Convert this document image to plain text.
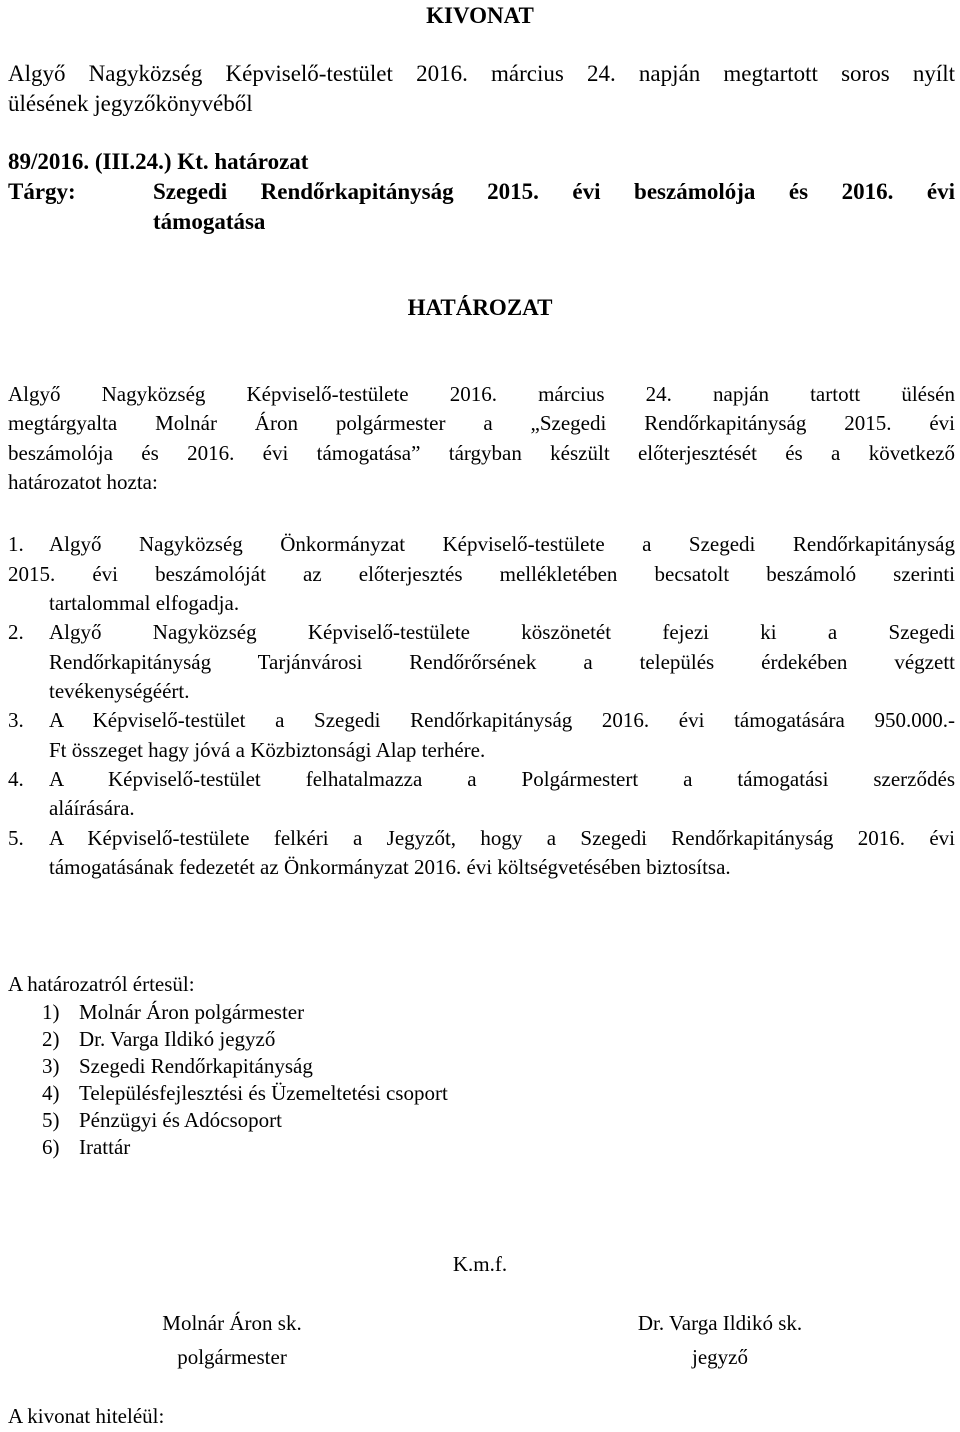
KIVONAT
Algyő Nagyközség Képviselő-testület 2016. március 24. napján megtartott soros nyílt
ülésének jegyzőkönyvéből
89/2016. (III.24.) Kt. határozat
Tárgy:	Szegedi Rendőrkapitányság 2015. évi beszámolója és 2016. évi
támogatása
HATÁROZAT
Algyő Nagyközség Képviselő-testülete 2016. március 24. napján tartott ülésén
megtárgyalta Molnár Áron polgármester a „Szegedi Rendőrkapitányság 2015. évi
beszámolója és 2016. évi támogatása” tárgyban készült előterjesztését és a következő
határozatot hozta:
1. Algyő Nagyközség Önkormányzat Képviselő-testülete a Szegedi Rendőrkapitányság
2015. évi beszámolóját az előterjesztés mellékletében becsatolt beszámoló szerinti
tartalommal elfogadja.
2. Algyő Nagyközség Képviselő-testülete köszönetét fejezi ki a Szegedi
Rendőrkapitányság Tarjánvárosi Rendőrőrsének a település érdekében végzett
tevékenységéért.
3. A Képviselő-testület a Szegedi Rendőrkapitányság 2016. évi támogatására 950.000.-
Ft összeget hagy jóvá a Közbiztonsági Alap terhére.
4. A Képviselő-testület felhatalmazza a Polgármestert a támogatási szerződés
aláírására.
5. A Képviselő-testülete felkéri a Jegyzőt, hogy a Szegedi Rendőrkapitányság 2016. évi
támogatásának fedezetét az Önkormányzat 2016. évi költségvetésében biztosítsa.
A határozatról értesül:
1) Molnár Áron polgármester
2) Dr. Varga Ildikó jegyző
3) Szegedi Rendőrkapitányság
4) Településfejlesztési és Üzemeltetési csoport
5) Pénzügyi és Adócsoport
6) Irattár
K.m.f.
Molnár Áron sk.
polgármester
Dr. Varga Ildikó sk.
jegyző
A kivonat hiteléül:
